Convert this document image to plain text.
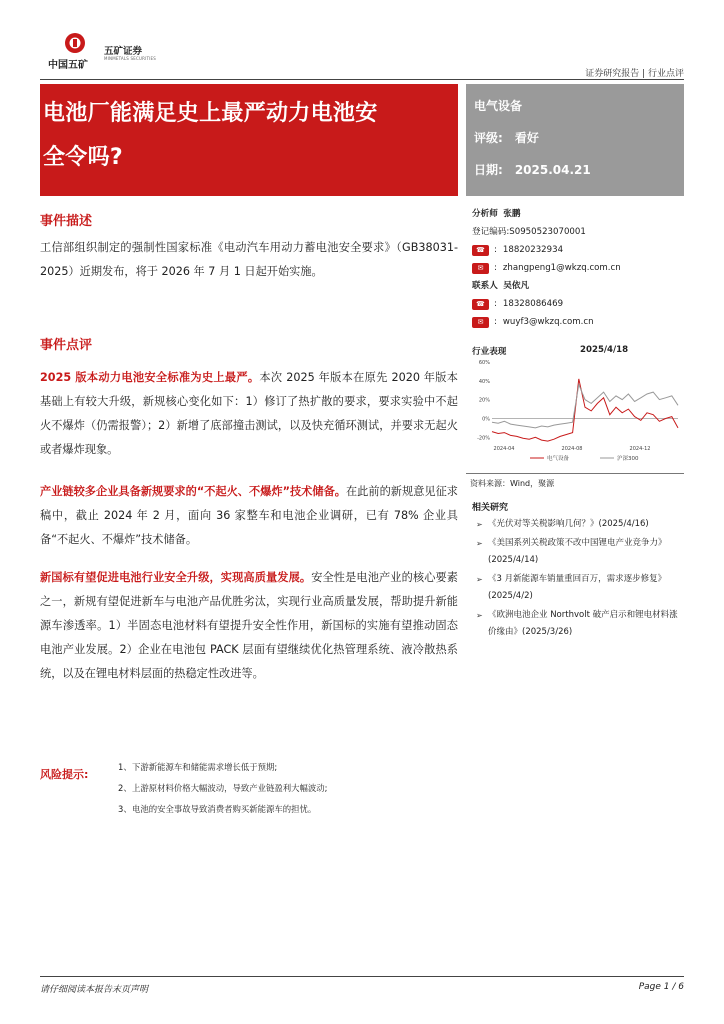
中国五矿
五矿证券
MINMETALS SECURITIES
证券研究报告 | 行业点评
电池厂能满足史上最严动力电池安
全令吗?
电气设备
评级: 看好
日期: 2025.04.21
事件描述
工信部组织制定的强制性国家标准《电动汽车用动力蓄电池安全要求》（GB38031-2025）近期发布，将于 2026 年 7 月 1 日起开始实施。
事件点评
2025 版本动力电池安全标准为史上最严。本次 2025 年版本在原先 2020 年版本基础上有较大升级，新规核心变化如下：1）修订了热扩散的要求，要求实验中不起火不爆炸（仍需报警）；2）新增了底部撞击测试，以及快充循环测试，并要求无起火或者爆炸现象。
产业链较多企业具备新规要求的“不起火、不爆炸”技术储备。在此前的新规意见征求稿中，截止 2024 年 2 月，面向 36 家整车和电池企业调研，已有 78% 企业具备“不起火、不爆炸”技术储备。
新国标有望促进电池行业安全升级，实现高质量发展。安全性是电池产业的核心要素之一，新规有望促进新车与电池产品优胜劣汰，实现行业高质量发展，帮助提升新能源车渗透率。1）半固态电池材料有望提升安全性作用，新国标的实施有望推动固态电池产业发展。2）企业在电池包 PACK 层面有望继续优化热管理系统、液冷散热系统，以及在锂电材料层面的热稳定性改进等。
分析师
张鹏
登记编码: S0950523070001
☎	: 18820232934
✉	: zhangpeng1@wkzq.com.cn
联系人
吴依凡
☎	: 18328086469
✉	: wuyf3@wkzq.com.cn
行业表现	2025/4/18
60%
40%
20%
0%
-20%
2024-04	2024-08	2024-12
电气设备	沪深300
资料来源：Wind，聚源
相关研究
➢ 《光伏对等关税影响几何？》(2025/4/16)
➢ 《美国系列关税政策不改中国锂电产业竞争力》(2025/4/14)
➢ 《3 月新能源车销量重回百万，需求逐步修复》(2025/4/2)
➢ 《欧洲电池企业 Northvolt 破产启示和锂电材料涨价缘由》(2025/3/26)
风险提示:
1、下游新能源车和储能需求增长低于预期;
2、上游原材料价格大幅波动，导致产业链盈利大幅波动;
3、电池的安全事故导致消费者购买新能源车的担忧。
请仔细阅读本报告末页声明	Page 1 / 6
